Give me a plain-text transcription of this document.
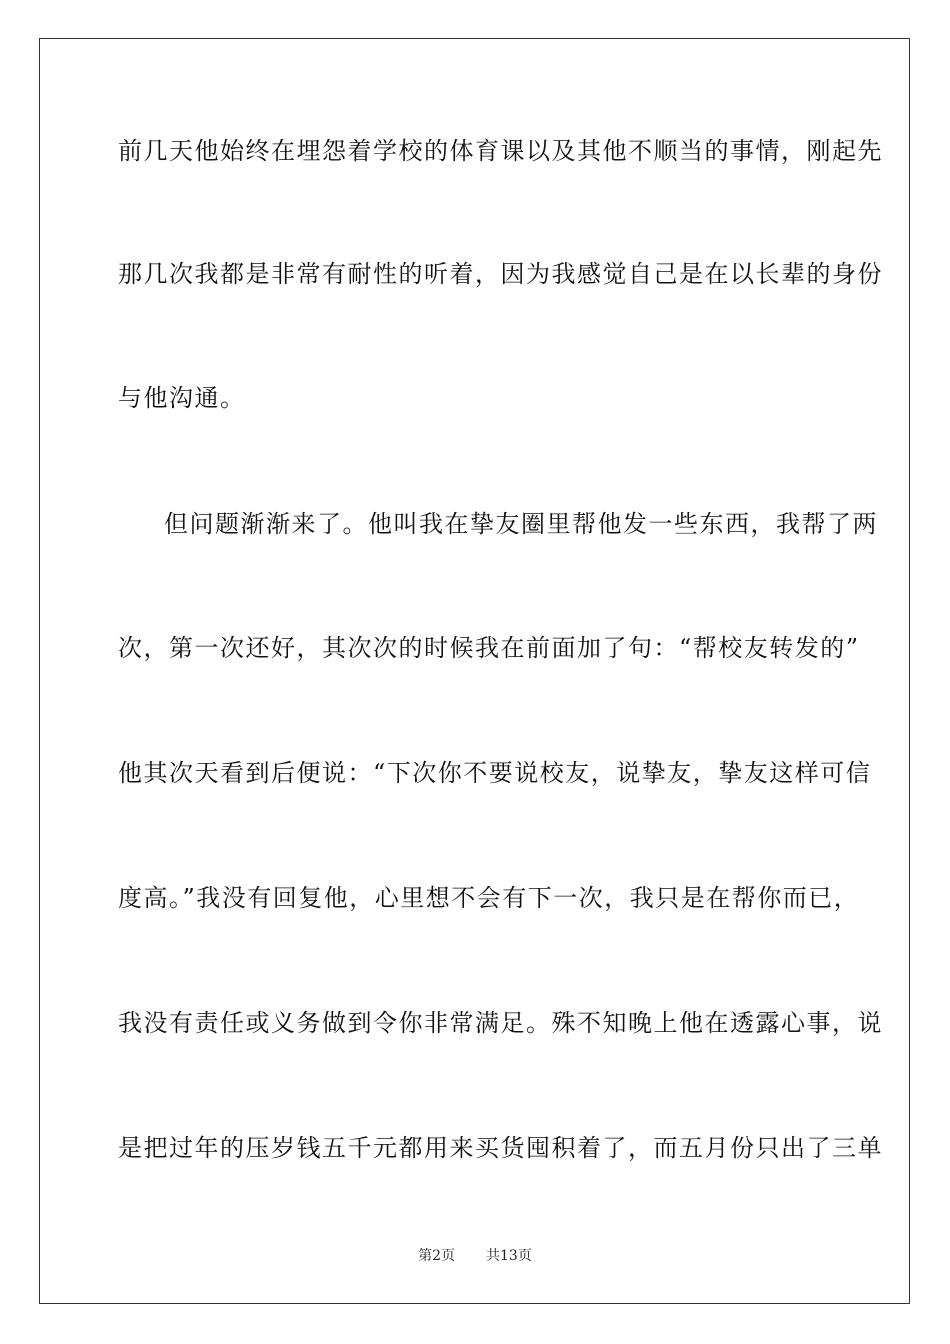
前几天他始终在埋怨着学校的体育课以及其他不顺当的事情，刚起先
那几次我都是非常有耐性的听着，因为我感觉自己是在以长辈的身份
与他沟通。
但问题渐渐来了。他叫我在挚友圈里帮他发一些东西，我帮了两
次，第一次还好，其次次的时候我在前面加了句：“帮校友转发的”
他其次天看到后便说：“下次你不要说校友，说挚友，挚友这样可信
度高。”我没有回复他，心里想不会有下一次，我只是在帮你而已，
我没有责任或义务做到令你非常满足。殊不知晚上他在透露心事，说
是把过年的压岁钱五千元都用来买货囤积着了，而五月份只出了三单
第2页 共13页
